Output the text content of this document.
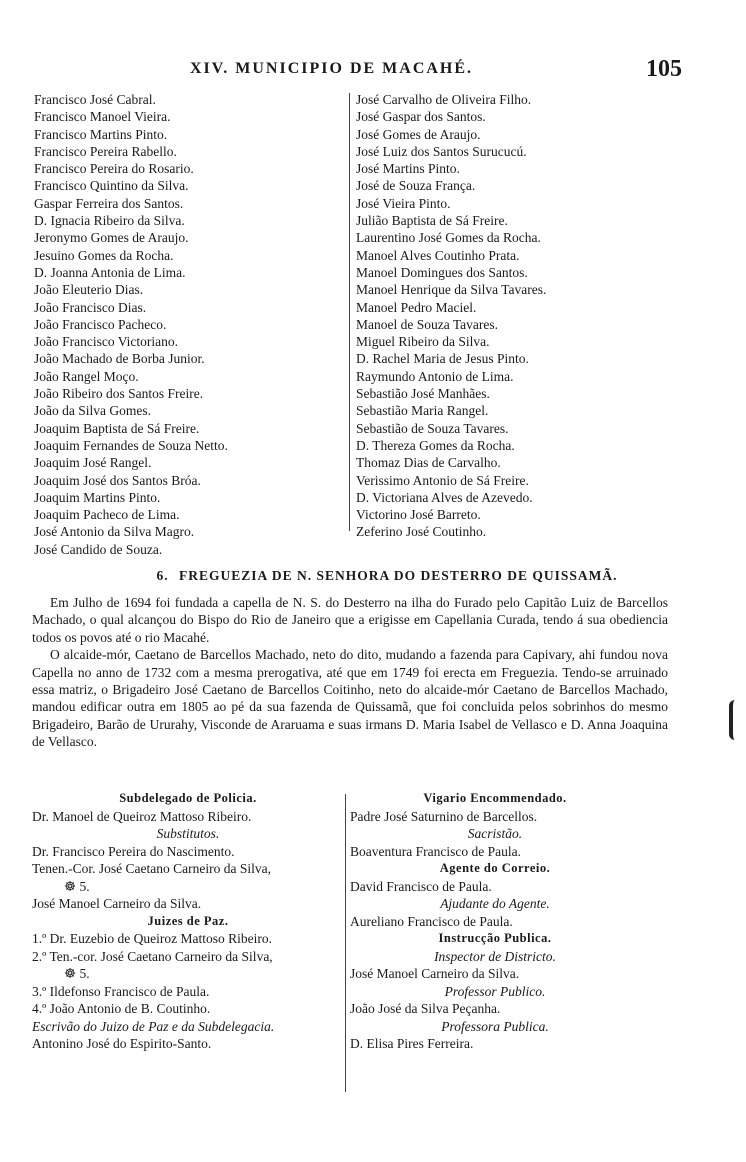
XIV. MUNICIPIO DE MACAHÉ.	105
Francisco José Cabral.
Francisco Manoel Vieira.
Francisco Martins Pinto.
Francisco Pereira Rabello.
Francisco Pereira do Rosario.
Francisco Quintino da Silva.
Gaspar Ferreira dos Santos.
D. Ignacia Ribeiro da Silva.
Jeronymo Gomes de Araujo.
Jesuino Gomes da Rocha.
D. Joanna Antonia de Lima.
João Eleuterio Dias.
João Francisco Dias.
João Francisco Pacheco.
João Francisco Victoriano.
João Machado de Borba Junior.
João Rangel Moço.
João Ribeiro dos Santos Freire.
João da Silva Gomes.
Joaquim Baptista de Sá Freire.
Joaquim Fernandes de Souza Netto.
Joaquim José Rangel.
Joaquim José dos Santos Bróa.
Joaquim Martins Pinto.
Joaquim Pacheco de Lima.
José Antonio da Silva Magro.
José Candido de Souza.
José Carvalho de Oliveira Filho.
José Gaspar dos Santos.
José Gomes de Araujo.
José Luiz dos Santos Surucucú.
José Martins Pinto.
José de Souza França.
José Vieira Pinto.
Julião Baptista de Sá Freire.
Laurentino José Gomes da Rocha.
Manoel Alves Coutinho Prata.
Manoel Domingues dos Santos.
Manoel Henrique da Silva Tavares.
Manoel Pedro Maciel.
Manoel de Souza Tavares.
Miguel Ribeiro da Silva.
D. Rachel Maria de Jesus Pinto.
Raymundo Antonio de Lima.
Sebastião José Manhães.
Sebastião Maria Rangel.
Sebastião de Souza Tavares.
D. Thereza Gomes da Rocha.
Thomaz Dias de Carvalho.
Verissimo Antonio de Sá Freire.
D. Victoriana Alves de Azevedo.
Victorino José Barreto.
Zeferino José Coutinho.
6. FREGUEZIA DE N. SENHORA DO DESTERRO DE QUISSAMÃ.

Em Julho de 1694 foi fundada a capella de N. S. do Desterro na ilha do Furado pelo Capitão Luiz de Barcellos Machado, o qual alcançou do Bispo do Rio de Janeiro que a erigisse em Capellania Curada, tendo á sua obediencia todos os povos até o rio Macahé.

O alcaide-mór, Caetano de Barcellos Machado, neto do dito, mudando a fazenda para Capivary, ahi fundou nova Capella no anno de 1732 com a mesma prerogativa, até que em 1749 foi erecta em Freguezia. Tendo-se arruinado essa matriz, o Brigadeiro José Caetano de Barcellos Coitinho, neto do alcaide-mór Caetano de Barcellos Machado, mandou edificar outra em 1805 ao pé da sua fazenda de Quissamã, que foi concluida pelos sobrinhos do mesmo Brigadeiro, Barão de Ururahy, Visconde de Araruama e suas irmans D. Maria Isabel de Vellasco e D. Anna Joaquina de Vellasco.

Subdelegado de Policia.
Dr. Manoel de Queiroz Mattoso Ribeiro.
Substitutos.
Dr. Francisco Pereira do Nascimento.
Tenen.-Cor. José Caetano Carneiro da Silva,
☸ 5.
José Manoel Carneiro da Silva.
Juizes de Paz.
1.º Dr. Euzebio de Queiroz Mattoso Ribeiro.
2.º Ten.-cor. José Caetano Carneiro da Silva,
☸ 5.
3.º Ildefonso Francisco de Paula.
4.º João Antonio de B. Coutinho.
Escrivão do Juizo de Paz e da Subdelegacia.
Antonino José do Espirito-Santo.
Vigario Encommendado.
Padre José Saturnino de Barcellos.
Sacristão.
Boaventura Francisco de Paula.
Agente do Correio.
David Francisco de Paula.
Ajudante do Agente.
Aureliano Francisco de Paula.
Instrucção Publica.
Inspector de Districto.
José Manoel Carneiro da Silva.
Professor Publico.
João José da Silva Peçanha.
Professora Publica.
D. Elisa Pires Ferreira.
